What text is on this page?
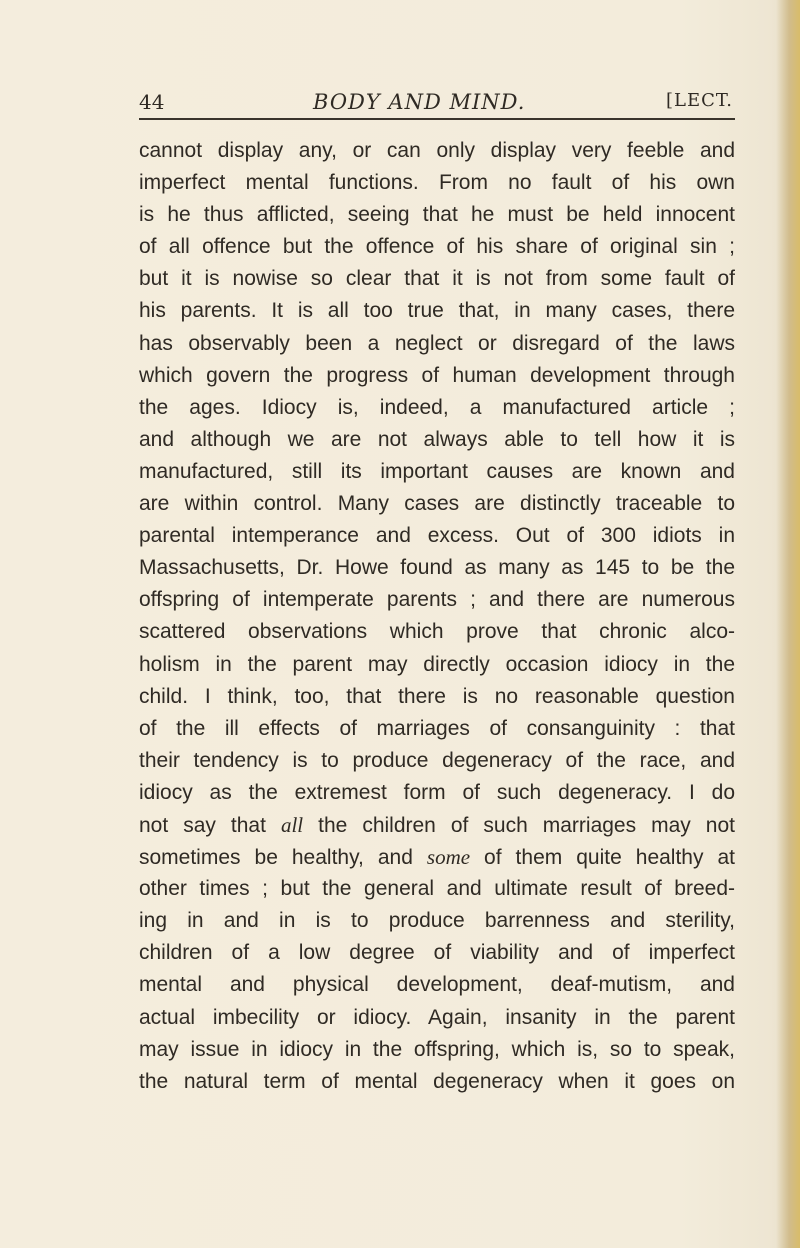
44	BODY AND MIND.	[LECT.
cannot display any, or can only display very feeble and
imperfect mental functions. From no fault of his own
is he thus afflicted, seeing that he must be held innocent
of all offence but the offence of his share of original sin ;
but it is nowise so clear that it is not from some fault of
his parents. It is all too true that, in many cases, there
has observably been a neglect or disregard of the laws
which govern the progress of human development through
the ages. Idiocy is, indeed, a manufactured article ;
and although we are not always able to tell how it is
manufactured, still its important causes are known and
are within control. Many cases are distinctly traceable to
parental intemperance and excess. Out of 300 idiots in
Massachusetts, Dr. Howe found as many as 145 to be the
offspring of intemperate parents ; and there are numerous
scattered observations which prove that chronic alco-
holism in the parent may directly occasion idiocy in the
child. I think, too, that there is no reasonable question
of the ill effects of marriages of consanguinity : that
their tendency is to produce degeneracy of the race, and
idiocy as the extremest form of such degeneracy. I do
not say that all the children of such marriages may not
sometimes be healthy, and some of them quite healthy at
other times ; but the general and ultimate result of breed-
ing in and in is to produce barrenness and sterility,
children of a low degree of viability and of imperfect
mental and physical development, deaf-mutism, and
actual imbecility or idiocy. Again, insanity in the parent
may issue in idiocy in the offspring, which is, so to speak,
the natural term of mental degeneracy when it goes on
